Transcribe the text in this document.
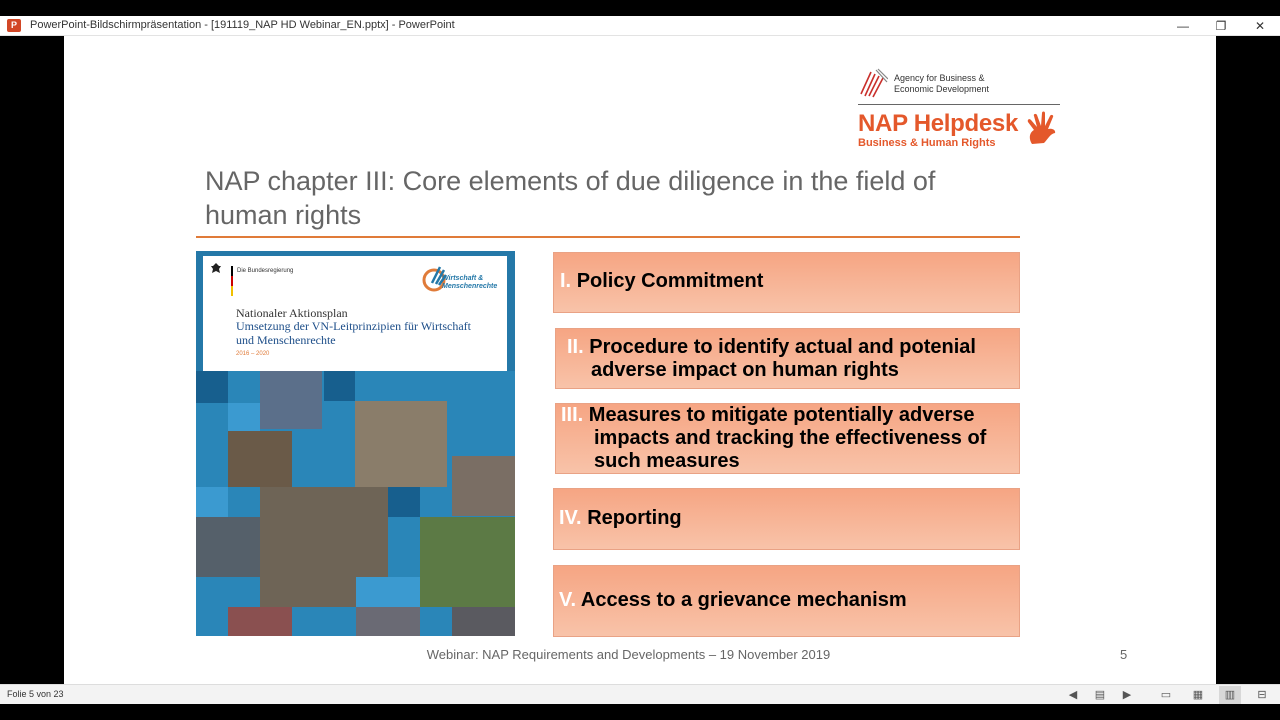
P	PowerPoint-Bildschirmpräsentation - [191119_NAP HD Webinar_EN.pptx] - PowerPoint	—	❐	✕
Agency for Business & Economic Development
NAP Helpdesk
Business & Human Rights
NAP chapter III: Core elements of due diligence in the field of human rights
Die Bundesregierung
Wirtschaft & Menschenrechte
Nationaler Aktionsplan
Umsetzung der VN-Leitprinzipien für Wirtschaft und Menschenrechte
2016 – 2020
I. Policy Commitment
II. Procedure to identify actual and potenial adverse impact on human rights
III. Measures to mitigate potentially adverse impacts and tracking the effectiveness of such measures
IV. Reporting
V. Access to a grievance mechanism
Webinar: NAP Requirements and Developments – 19 November 2019	5
Folie 5 von 23	◀	▤	▶	▭	▦	▥	⊟
